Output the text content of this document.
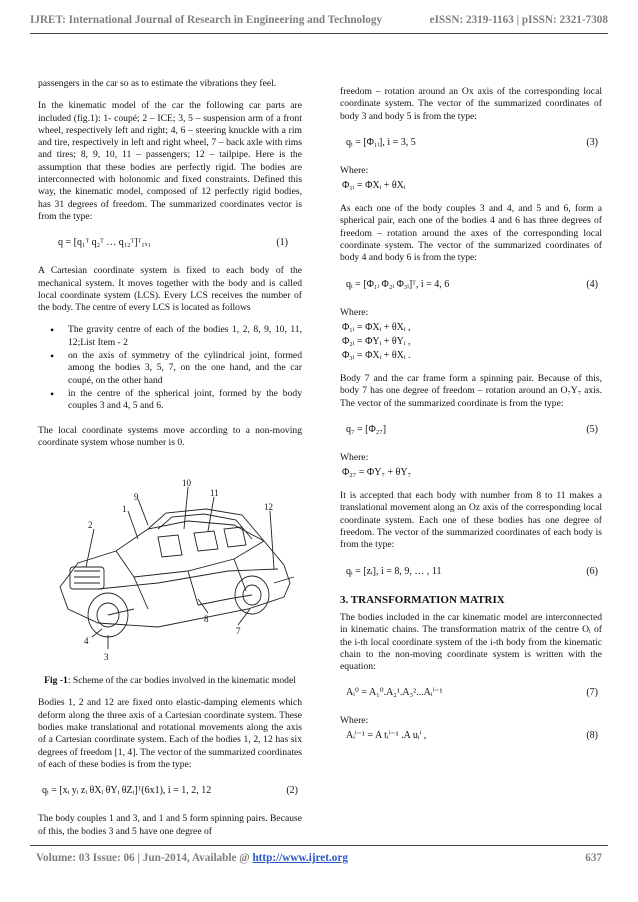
IJRET: International Journal of Research in Engineering and Technology	eISSN: 2319-1163 | pISSN: 2321-7308

passengers in the car so as to estimate the vibrations they feel.

In the kinematic model of the car the following car parts are included (fig.1): 1- coupé; 2 – ICE; 3, 5 – suspension arm of a front wheel, respectively left and right; 4, 6 – steering knuckle with a rim and tire, respectively in left and right wheel, 7 – back axle with rims and tires; 8, 9, 10, 11 – passengers; 12 – tailpipe. Here is the assumption that these bodies are perfectly rigid. The bodies are interconnected with holonomic and fixed constraints. Defined this way, the kinematic model, composed of 12 perfectly rigid bodies, has 31 degrees of freedom. The summarized coordinates vector is from the type:

q = [q₁ᵀ q₂ᵀ … q₁₂ᵀ]ᵀ₁ₓ₁	(1)

A Cartesian coordinate system is fixed to each body of the mechanical system. It moves together with the body and is called local coordinate system (LCS). Every LCS receives the number of the body. The centre of every LCS is located as follows

• The gravity centre of each of the bodies 1, 2, 8, 9, 10, 11, 12;List Item - 2
• on the axis of symmetry of the cylindrical joint, formed among the bodies 3, 5, 7, on the one hand, and the car coupé, on the other hand
• in the centre of the spherical joint, formed by the body couples 3 and 4, 5 and 6.

The local coordinate systems move according to a non-moving coordinate system whose number is 0.

9
1
2
10
11
12
8
7
3
4
Fig -1: Scheme of the car bodies involved in the kinematic model

Bodies 1, 2 and 12 are fixed onto elastic-damping elements which deform along the three axis of a Cartesian coordinate system. These bodies make translational and rotational movements along the axis of a Cartesian coordinate system. Each of the bodies 1, 2, 12 has six degrees of freedom [1, 4]. The vector of the summarized coordinates of each of these bodies is from the type:

qᵢ = [xᵢ yᵢ zᵢ θXᵢ θYᵢ θZᵢ]ᵀ(6x1), i = 1, 2, 12	(2)

The body couples 1 and 3, and 1 and 5 form spinning pairs. Because of this, the bodies 3 and 5 have one degree of

freedom – rotation around an Ox axis of the corresponding local coordinate system. The vector of the summarized coordinates of body 3 and body 5 is from the type:

qᵢ = [Φ₁ᵢ], i = 3, 5	(3)
Where:
Φ₁ᵢ = ΦXᵢ + θXᵢ

As each one of the body couples 3 and 4, and 5 and 6, form a spherical pair, each one of the bodies 4 and 6 has three degrees of freedom – rotation around the axes of the corresponding local coordinate system. The vector of the summarized coordinates of body 4 and body 6 is from the type:

qᵢ = [Φ₁ᵢ Φ₂ᵢ Φ₃ᵢ]ᵀ, i = 4, 6	(4)
Where:
Φ₁ᵢ = ΦXᵢ + θXᵢ ,
Φ₂ᵢ = ΦYᵢ + θYᵢ ,
Φ₃ᵢ = ΦXᵢ + θXᵢ .

Body 7 and the car frame form a spinning pair. Because of this, body 7 has one degree of freedom – rotation around an O₇Y₇ axis. The vector of the summarized coordinate is from the type:

q₇ = [Φ₂₇]	(5)
Where:
Φ₂₇ = ΦY₇ + θY₇

It is accepted that each body with number from 8 to 11 makes a translational movement along an Oz axis of the corresponding local coordinate system. Each one of these bodies has one degree of freedom. The vector of the summarized coordinates of each body is from the type:

qᵢ = [zᵢ], i = 8, 9, … , 11	(6)
3. TRANSFORMATION MATRIX

The bodies included in the car kinematic model are interconnected in kinematic chains. The transformation matrix of the centre Oᵢ of the i-th local coordinate system of the i-th body from the kinematic chain to the non-moving coordinate system is written with the equation:

Aᵢ⁰ = A₁⁰.A₂¹.A₃²...Aᵢⁱ⁻¹	(7)
Where:
Aᵢⁱ⁻¹ = A tᵢⁱ⁻¹ .A uᵢⁱ ,	(8)
Volume: 03 Issue: 06 | Jun-2014, Available @ http://www.ijret.org	637
